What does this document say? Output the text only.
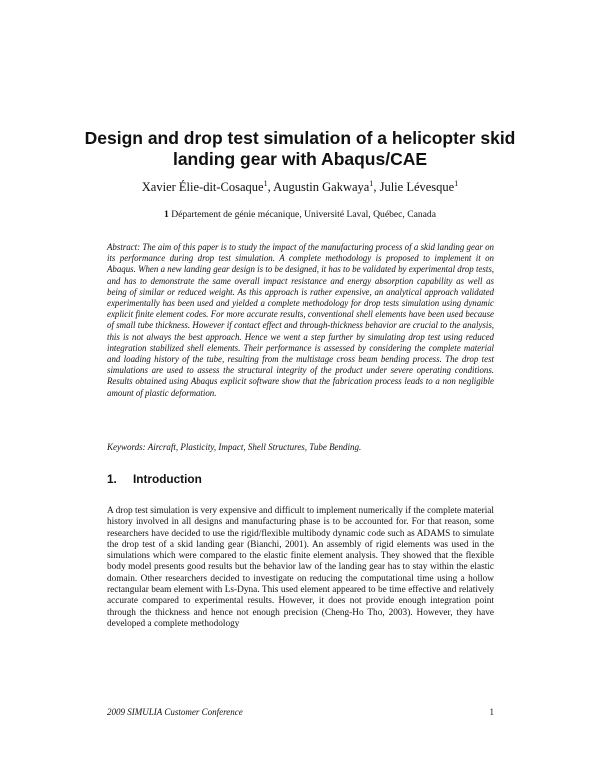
Design and drop test simulation of a helicopter skid landing gear with Abaqus/CAE
Xavier Élie-dit-Cosaque$^1$, Augustin Gakwaya$^1$, Julie Lévesque$^1$
1 Département de génie mécanique, Université Laval, Québec, Canada

Abstract: The aim of this paper is to study the impact of the manufacturing process of a skid landing gear on its performance during drop test simulation. A complete methodology is proposed to implement it on Abaqus. When a new landing gear design is to be designed, it has to be validated by experimental drop tests, and has to demonstrate the same overall impact resistance and energy absorption capability as well as being of similar or reduced weight. As this approach is rather expensive, an analytical approach validated experimentally has been used and yielded a complete methodology for drop tests simulation using dynamic explicit finite element codes. For more accurate results, conventional shell elements have been used because of small tube thickness. However if contact effect and through-thickness behavior are crucial to the analysis, this is not always the best approach. Hence we went a step further by simulating drop test using reduced integration stabilized shell elements. Their performance is assessed by considering the complete material and loading history of the tube, resulting from the multistage cross beam bending process. The drop test simulations are used to assess the structural integrity of the product under severe operating conditions. Results obtained using Abaqus explicit software show that the fabrication process leads to a non negligible amount of plastic deformation.

Keywords: Aircraft, Plasticity, Impact, Shell Structures, Tube Bending.
1. Introduction

A drop test simulation is very expensive and difficult to implement numerically if the complete material history involved in all designs and manufacturing phase is to be accounted for. For that reason, some researchers have decided to use the rigid/flexible multibody dynamic code such as ADAMS to simulate the drop test of a skid landing gear (Bianchi, 2001). An assembly of rigid elements was used in the simulations which were compared to the elastic finite element analysis. They showed that the flexible body model presents good results but the behavior law of the landing gear has to stay within the elastic domain. Other researchers decided to investigate on reducing the computational time using a hollow rectangular beam element with Ls-Dyna. This used element appeared to be time effective and relatively accurate compared to experimental results. However, it does not provide enough integration point through the thickness and hence not enough precision (Cheng-Ho Tho, 2003). However, they have developed a complete methodology

2009 SIMULIA Customer Conference	1
